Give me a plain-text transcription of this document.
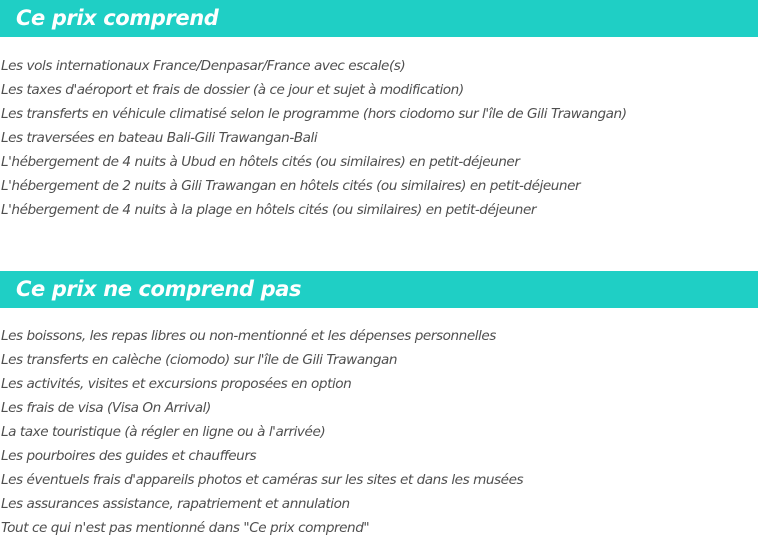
Ce prix comprend
Les vols internationaux France/Denpasar/France avec escale(s)
Les taxes d'aéroport et frais de dossier (à ce jour et sujet à modification)
Les transferts en véhicule climatisé selon le programme (hors ciodomo sur l'île de Gili Trawangan)
Les traversées en bateau Bali-Gili Trawangan-Bali
L'hébergement de 4 nuits à Ubud en hôtels cités (ou similaires) en petit-déjeuner
L'hébergement de 2 nuits à Gili Trawangan en hôtels cités (ou similaires) en petit-déjeuner
L'hébergement de 4 nuits à la plage en hôtels cités (ou similaires) en petit-déjeuner
Ce prix ne comprend pas
Les boissons, les repas libres ou non-mentionné et les dépenses personnelles
Les transferts en calèche (ciomodo) sur l'île de Gili Trawangan
Les activités, visites et excursions proposées en option
Les frais de visa (Visa On Arrival)
La taxe touristique (à régler en ligne ou à l'arrivée)
Les pourboires des guides et chauffeurs
Les éventuels frais d'appareils photos et caméras sur les sites et dans les musées
Les assurances assistance, rapatriement et annulation
Tout ce qui n'est pas mentionné dans "Ce prix comprend"
